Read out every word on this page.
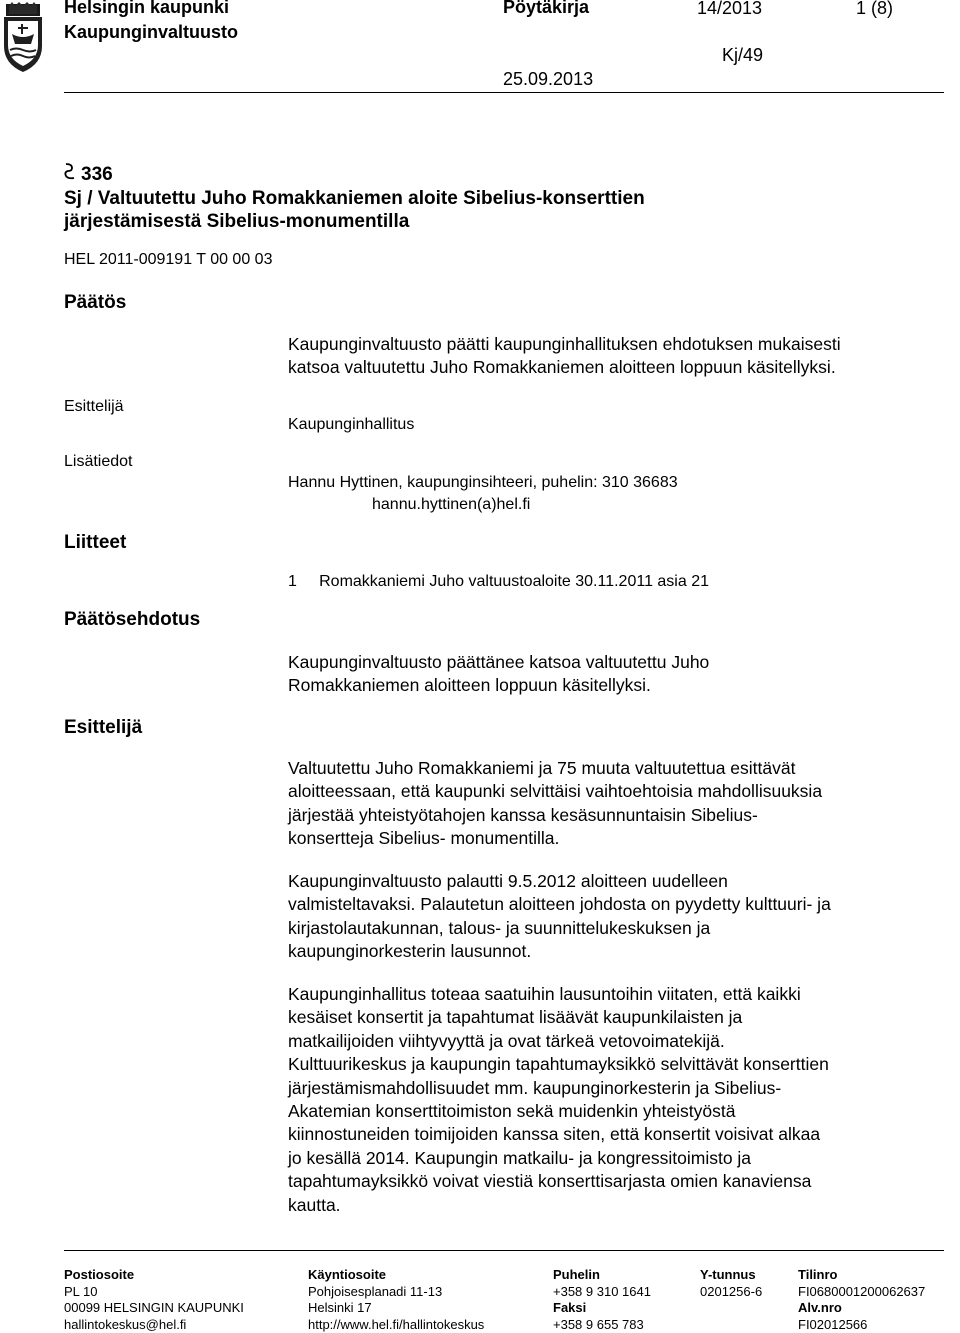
Helsingin kaupunki
Kaupunginvaltuusto
Pöytäkirja	14/2013	1 (8)
Kj/49
25.09.2013
336
Sj / Valtuutettu Juho Romakkaniemen aloite Sibelius-konserttien
järjestämisestä Sibelius-monumentilla
HEL 2011-009191 T 00 00 03
Päätös
Kaupunginvaltuusto päätti kaupunginhallituksen ehdotuksen mukaisesti
katsoa valtuutettu Juho Romakkaniemen aloitteen loppuun käsitellyksi.
Esittelijä
Kaupunginhallitus
Lisätiedot
Hannu Hyttinen, kaupunginsihteeri, puhelin: 310 36683
hannu.hyttinen(a)hel.fi
Liitteet
1     Romakkaniemi Juho valtuustoaloite 30.11.2011 asia 21
Päätösehdotus
Kaupunginvaltuusto päättänee katsoa valtuutettu Juho
Romakkaniemen aloitteen loppuun käsitellyksi.
Esittelijä
Valtuutettu Juho Romakkaniemi ja 75 muuta valtuutettua esittävät
aloitteessaan, että kaupunki selvittäisi vaihtoehtoisia mahdollisuuksia
järjestää yhteistyötahojen kanssa kesäsunnuntaisin Sibelius-
konsertteja Sibelius- monumentilla.
Kaupunginvaltuusto palautti 9.5.2012 aloitteen uudelleen
valmisteltavaksi. Palautetun aloitteen johdosta on pyydetty kulttuuri- ja
kirjastolautakunnan, talous- ja suunnittelukeskuksen ja
kaupunginorkesterin lausunnot.
Kaupunginhallitus toteaa saatuihin lausuntoihin viitaten, että kaikki
kesäiset konsertit ja tapahtumat lisäävät kaupunkilaisten ja
matkailijoiden viihtyvyyttä ja ovat tärkeä vetovoimatekijä.
Kulttuurikeskus ja kaupungin tapahtumayksikkö selvittävät konserttien
järjestämismahdollisuudet mm. kaupunginorkesterin ja Sibelius-
Akatemian konserttitoimiston sekä muidenkin yhteistyöstä
kiinnostuneiden toimijoiden kanssa siten, että konsertit voisivat alkaa
jo kesällä 2014. Kaupungin matkailu- ja kongressitoimisto ja
tapahtumayksikkö voivat viestiä konserttisarjasta omien kanaviensa
kautta.
Postiosoite
PL 10
00099 HELSINGIN KAUPUNKI
hallintokeskus@hel.fi
Käyntiosoite
Pohjoisesplanadi 11-13
Helsinki 17
http://www.hel.fi/hallintokeskus
Puhelin
+358 9 310 1641
Faksi
+358 9 655 783
Y-tunnus
0201256-6
Tilinro
FI0680001200062637
Alv.nro
FI02012566
